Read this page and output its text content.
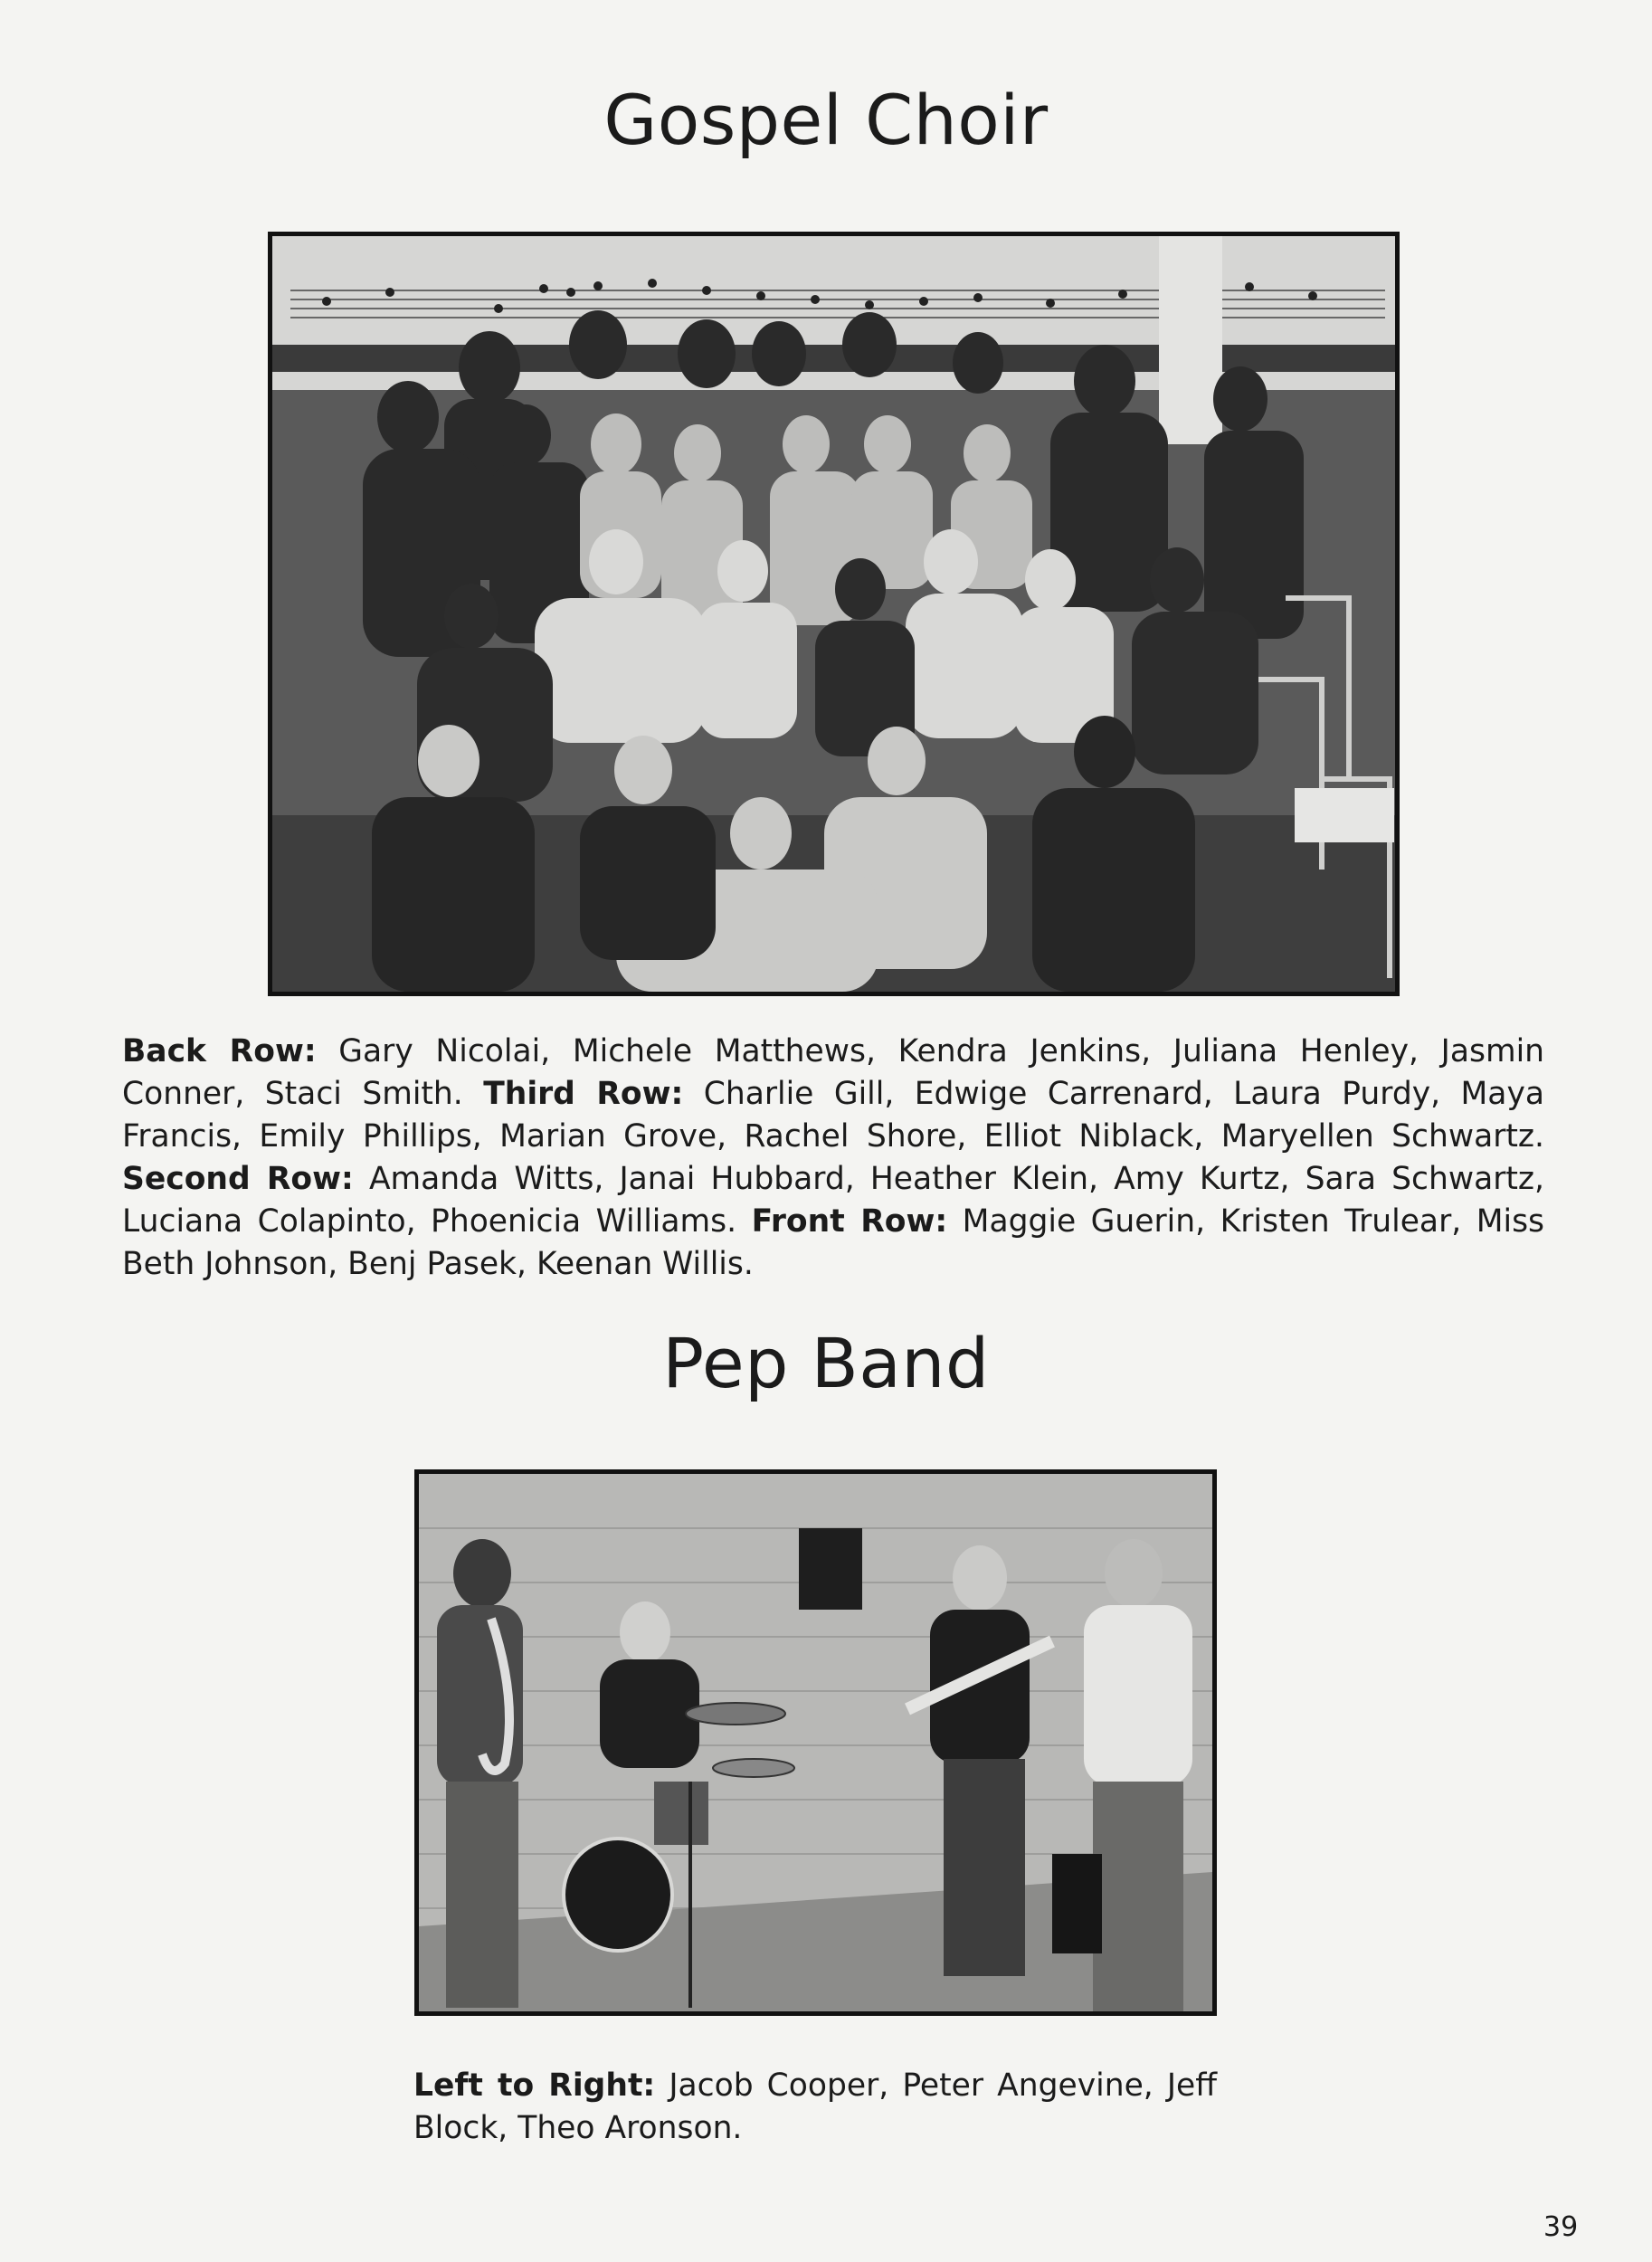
Gospel Choir
Back Row: Gary Nicolai, Michele Matthews, Kendra Jenkins, Juliana Henley, Jasmin Conner, Staci Smith. Third Row: Charlie Gill, Edwige Carrenard, Laura Purdy, Maya Francis, Emily Phillips, Marian Grove, Rachel Shore, Elliot Niblack, Maryellen Schwartz. Second Row: Amanda Witts, Janai Hubbard, Heather Klein, Amy Kurtz, Sara Schwartz, Luciana Colapinto, Phoenicia Williams. Front Row: Maggie Guerin, Kristen Trulear, Miss Beth Johnson, Benj Pasek, Keenan Willis.
Pep Band
Left to Right: Jacob Cooper, Peter Angevine, Jeff Block, Theo Aronson.
39
